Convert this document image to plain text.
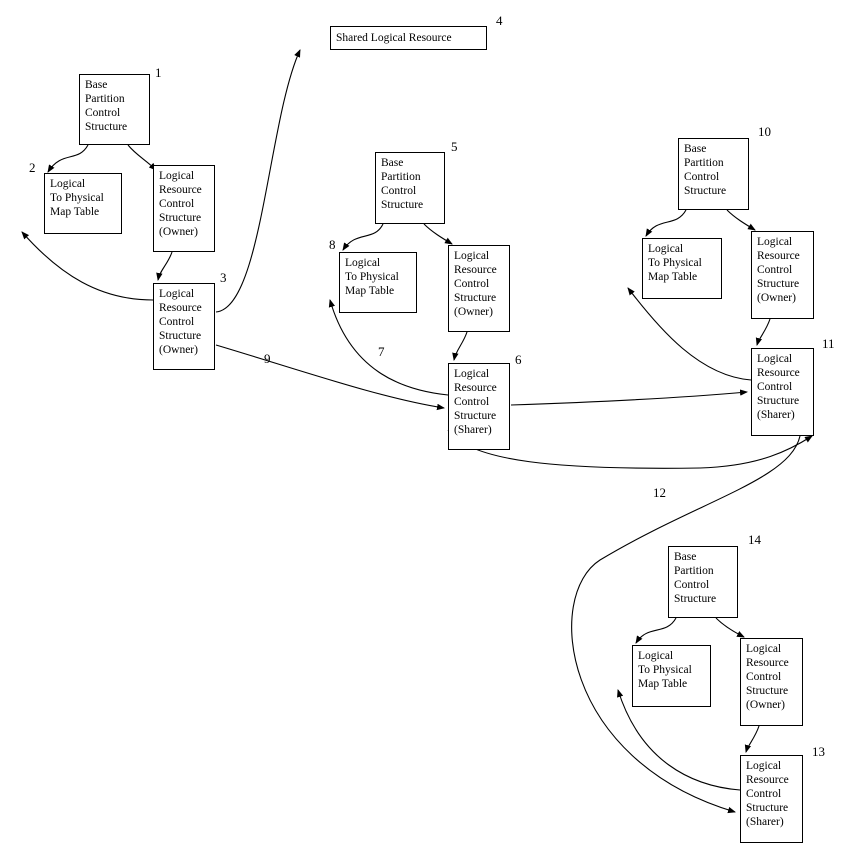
Base
Partition
Control
Structure
Logical
To Physical
Map Table
Logical
Resource
Control
Structure
(Owner)
Shared Logical Resource
Logical
Resource
Control
Structure
(Owner)
Base
Partition
Control
Structure
Logical
To Physical
Map Table
Logical
Resource
Control
Structure
(Owner)
Logical
Resource
Control
Structure
(Sharer)
Base
Partition
Control
Structure
Logical
To Physical
Map Table
Logical
Resource
Control
Structure
(Owner)
Logical
Resource
Control
Structure
(Sharer)
Base
Partition
Control
Structure
Logical
To Physical
Map Table
Logical
Resource
Control
Structure
(Owner)
Logical
Resource
Control
Structure
(Sharer)
1
2
3
4
5
6
7
8
9
10
11
12
13
14
